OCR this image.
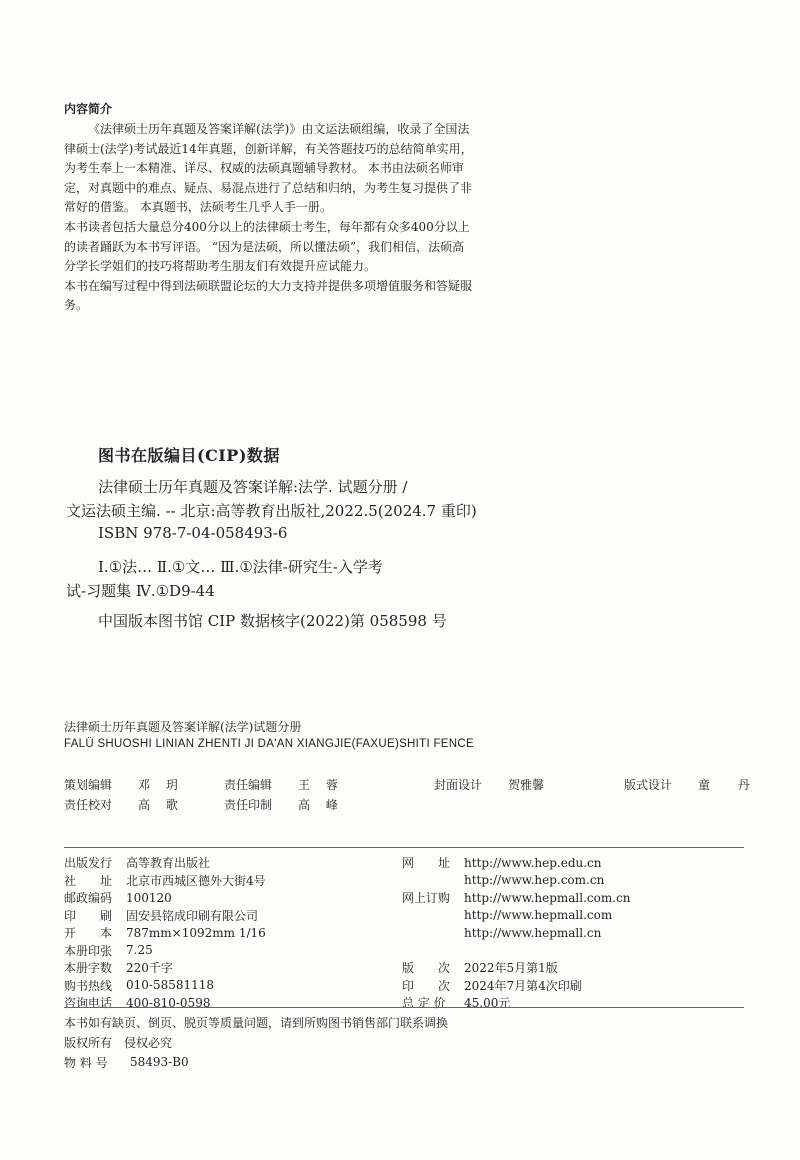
内容简介

《法律硕士历年真题及答案详解(法学)》由文运法硕组编，收录了全国法律硕士(法学)考试最近14年真题，创新详解，有关答题技巧的总结简单实用，为考生奉上一本精准、详尽、权威的法硕真题辅导教材。 本书由法硕名师审定，对真题中的难点、疑点、易混点进行了总结和归纳，为考生复习提供了非常好的借鉴。 本真题书，法硕考生几乎人手一册。

本书读者包括大量总分400分以上的法律硕士考生，每年都有众多400分以上的读者踊跃为本书写评语。 “因为是法硕，所以懂法硕”，我们相信，法硕高分学长学姐们的技巧将帮助考生朋友们有效提升应试能力。

本书在编写过程中得到法硕联盟论坛的大力支持并提供多项增值服务和答疑服务。

图书在版编目(CIP)数据
法律硕士历年真题及答案详解:法学. 试题分册 /
文运法硕主编. -- 北京:高等教育出版社,2022.5(2024.7 重印)
ISBN 978-7-04-058493-6
Ⅰ.①法… Ⅱ.①文… Ⅲ.①法律-研究生-入学考
试-习题集 Ⅳ.①D9-44
中国版本图书馆 CIP 数据核字(2022)第 058598 号
法律硕士历年真题及答案详解(法学)试题分册
FALÜ SHUOSHI LINIAN ZHENTI JI DA'AN XIANGJIE(FAXUE)SHITI FENCE
策划编辑	邓 玥	责任编辑	王 蓉	封面设计	贺雅馨	版式设计	童 丹
责任校对	高 歌	责任印制	高 峰
出版发行	高等教育出版社
社　　址	北京市西城区德外大街4号
邮政编码	100120
印　　刷	固安县铭成印刷有限公司
开　　本	787mm×1092mm 1/16
本册印张	7.25
本册字数	220千字
购书热线	010-58581118
咨询电话	400-810-0598
网　　址	http://www.hep.edu.cn
http://www.hep.com.cn
网上订购	http://www.hepmall.com.cn
http://www.hepmall.com
http://www.hepmall.cn
版　　次	2022年5月第1版
印　　次	2024年7月第4次印刷
总 定 价	45.00元
本书如有缺页、倒页、脱页等质量问题，请到所购图书销售部门联系调换
版权所有　侵权必究
物 料 号	58493-B0
